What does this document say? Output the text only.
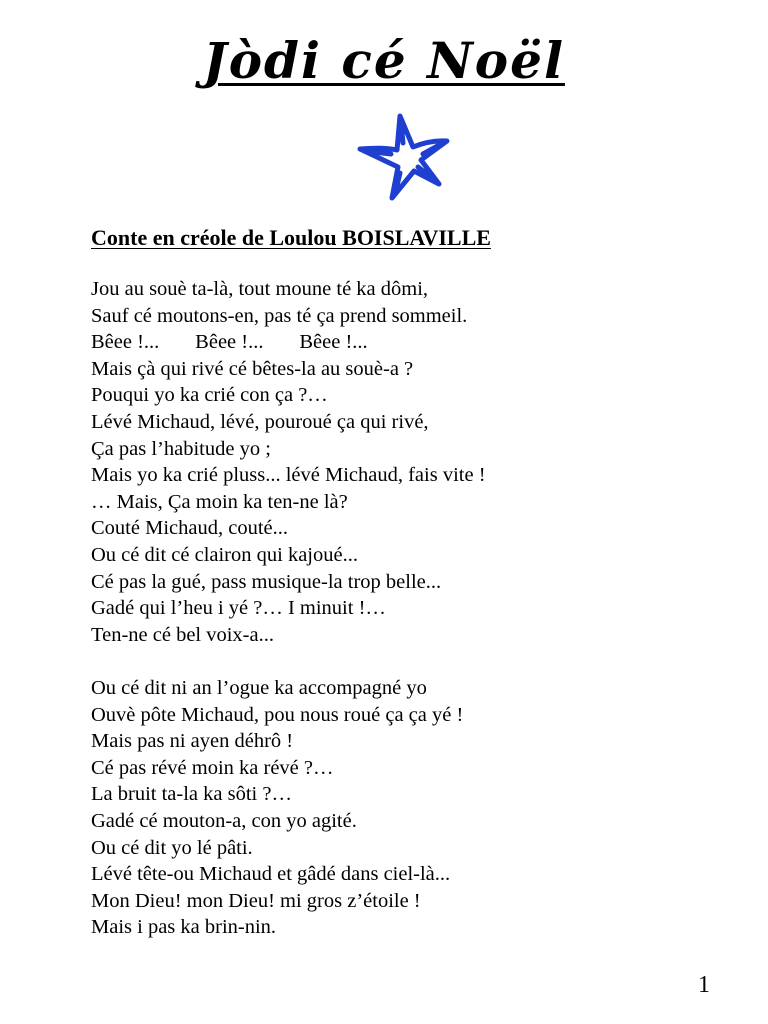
Jòdi cé Noël
Conte en créole de Loulou BOISLAVILLE
Jou au souè ta-là, tout moune té ka dômi,
Sauf cé moutons-en, pas té ça prend sommeil.
Bêee !...       Bêee !...       Bêee !...
Mais çà qui rivé cé bêtes-la au souè-a ?
Pouqui yo ka crié con ça ?…
Lévé Michaud, lévé, pouroué ça qui rivé,
Ça pas l’habitude yo ;
Mais yo ka crié pluss... lévé Michaud, fais vite !
… Mais, Ça moin ka ten-ne là?
Couté Michaud, couté...
Ou cé dit cé clairon qui kajoué...
Cé pas la gué, pass musique-la trop belle...
Gadé qui l’heu i yé ?… I minuit !…
Ten-ne cé bel voix-a...
Ou cé dit ni an l’ogue ka accompagné yo
Ouvè pôte Michaud, pou nous roué ça ça yé !
Mais pas ni ayen déhrô !
Cé pas révé moin ka révé ?…
La bruit ta-la ka sôti ?…
Gadé cé mouton-a, con yo agité.
Ou cé dit yo lé pâti.
Lévé tête-ou Michaud et gâdé dans ciel-là...
Mon Dieu! mon Dieu! mi gros z’étoile !
Mais i pas ka brin-nin.
1
